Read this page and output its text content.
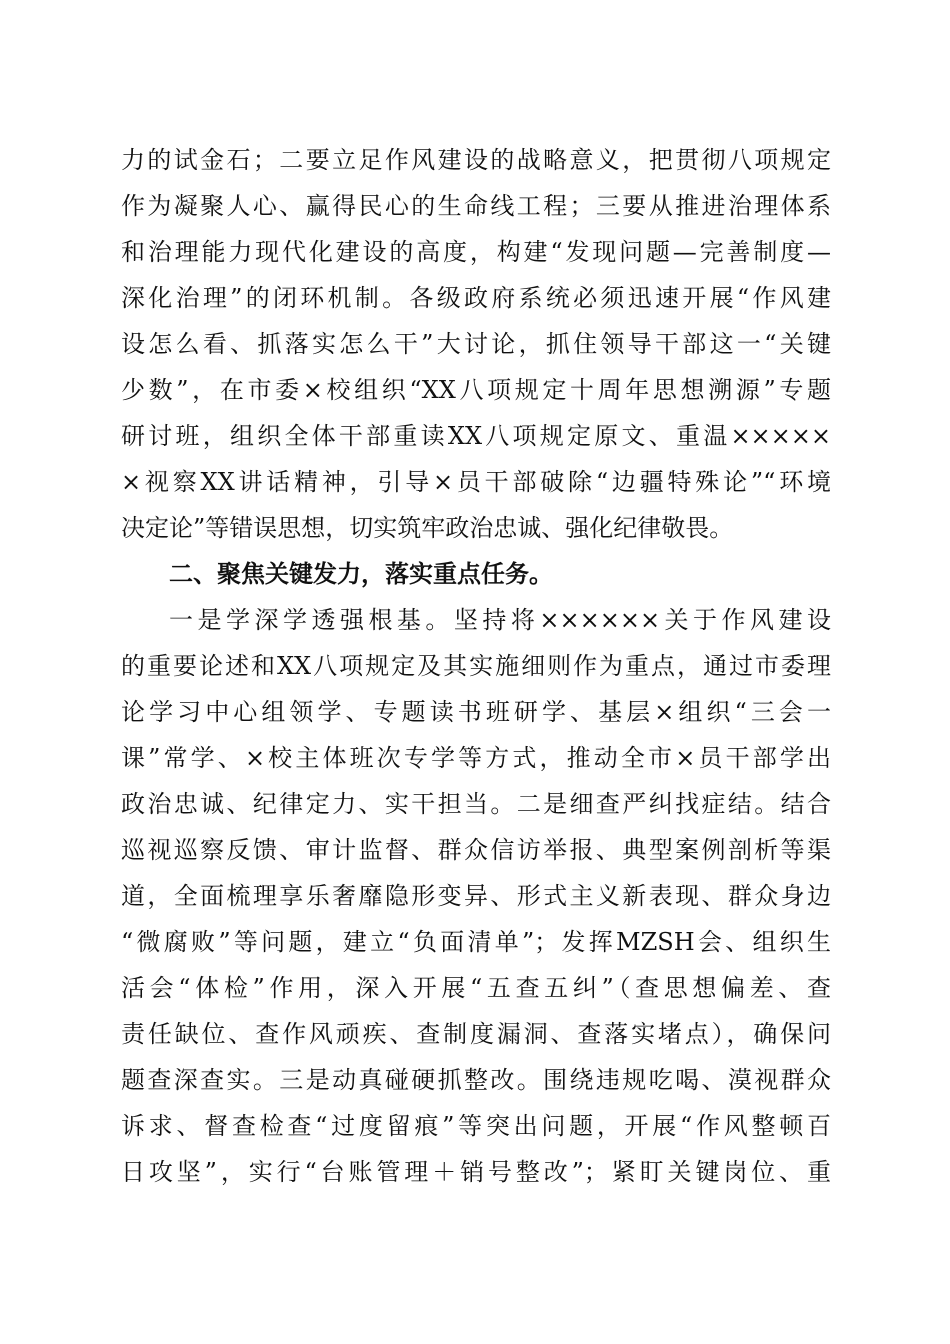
力的试金石；二要立足作风建设的战略意义，把贯彻八项规定
作为凝聚人心、赢得民心的生命线工程；三要从推进治理体系
和治理能力现代化建设的高度，构建“发现问题—完善制度—
深化治理”的闭环机制。各级政府系统必须迅速开展“作风建
设怎么看、抓落实怎么干”大讨论，抓住领导干部这一“关键
少数”，在市委×校组织“XX八项规定十周年思想溯源”专题
研讨班，组织全体干部重读XX八项规定原文、重温×××××
×视察XX讲话精神，引导×员干部破除“边疆特殊论”“环境
决定论”等错误思想，切实筑牢政治忠诚、强化纪律敬畏。
二、聚焦关键发力，落实重点任务。
一是学深学透强根基。坚持将××××××关于作风建设
的重要论述和XX八项规定及其实施细则作为重点，通过市委理
论学习中心组领学、专题读书班研学、基层×组织“三会一
课”常学、×校主体班次专学等方式，推动全市×员干部学出
政治忠诚、纪律定力、实干担当。二是细查严纠找症结。结合
巡视巡察反馈、审计监督、群众信访举报、典型案例剖析等渠
道，全面梳理享乐奢靡隐形变异、形式主义新表现、群众身边
“微腐败”等问题，建立“负面清单”；发挥MZSH会、组织生
活会“体检”作用，深入开展“五查五纠”（查思想偏差、查
责任缺位、查作风顽疾、查制度漏洞、查落实堵点），确保问
题查深查实。三是动真碰硬抓整改。围绕违规吃喝、漠视群众
诉求、督查检查“过度留痕”等突出问题，开展“作风整顿百
日攻坚”，实行“台账管理＋销号整改”；紧盯关键岗位、重
